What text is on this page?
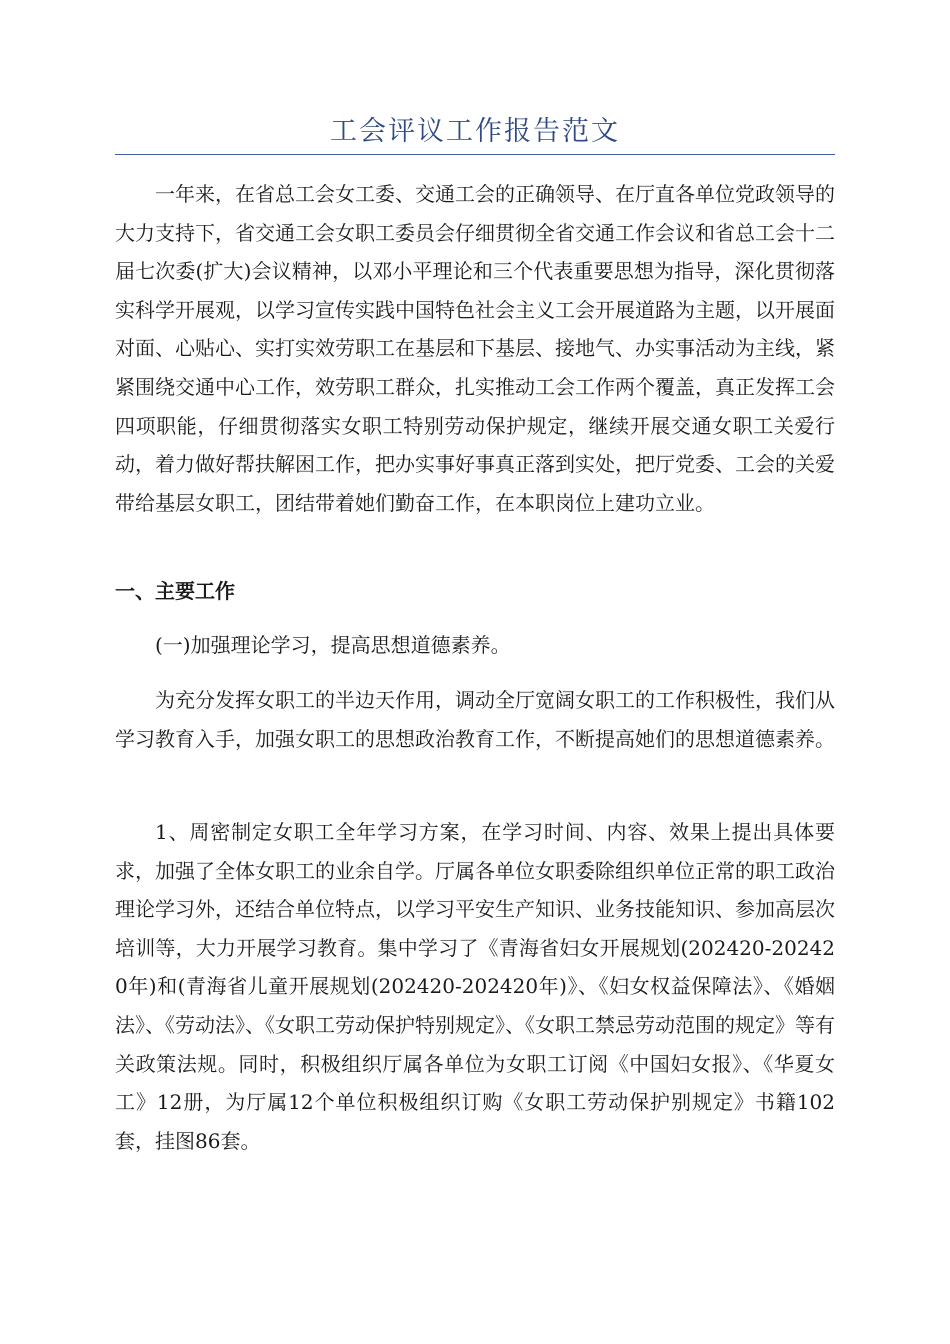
工会评议工作报告范文

一年来，在省总工会女工委、交通工会的正确领导、在厅直各单位党政领导的大力支持下，省交通工会女职工委员会仔细贯彻全省交通工作会议和省总工会十二届七次委(扩大)会议精神，以邓小平理论和三个代表重要思想为指导，深化贯彻落实科学开展观，以学习宣传实践中国特色社会主义工会开展道路为主题，以开展面对面、心贴心、实打实效劳职工在基层和下基层、接地气、办实事活动为主线，紧紧围绕交通中心工作，效劳职工群众，扎实推动工会工作两个覆盖，真正发挥工会四项职能，仔细贯彻落实女职工特别劳动保护规定，继续开展交通女职工关爱行动，着力做好帮扶解困工作，把办实事好事真正落到实处，把厅党委、工会的关爱带给基层女职工，团结带着她们勤奋工作，在本职岗位上建功立业。

一、主要工作

(一)加强理论学习，提高思想道德素养。

为充分发挥女职工的半边天作用，调动全厅宽阔女职工的工作积极性，我们从学习教育入手，加强女职工的思想政治教育工作，不断提高她们的思想道德素养。

1、周密制定女职工全年学习方案，在学习时间、内容、效果上提出具体要求，加强了全体女职工的业余自学。厅属各单位女职委除组织单位正常的职工政治理论学习外，还结合单位特点，以学习平安生产知识、业务技能知识、参加高层次培训等，大力开展学习教育。集中学习了《青海省妇女开展规划(202420-202420年)和(青海省儿童开展规划(202420-202420年)》、《妇女权益保障法》、《婚姻法》、《劳动法》、《女职工劳动保护特别规定》、《女职工禁忌劳动范围的规定》等有关政策法规。同时，积极组织厅属各单位为女职工订阅《中国妇女报》、《华夏女工》12册，为厅属12个单位积极组织订购《女职工劳动保护别规定》书籍102套，挂图86套。
